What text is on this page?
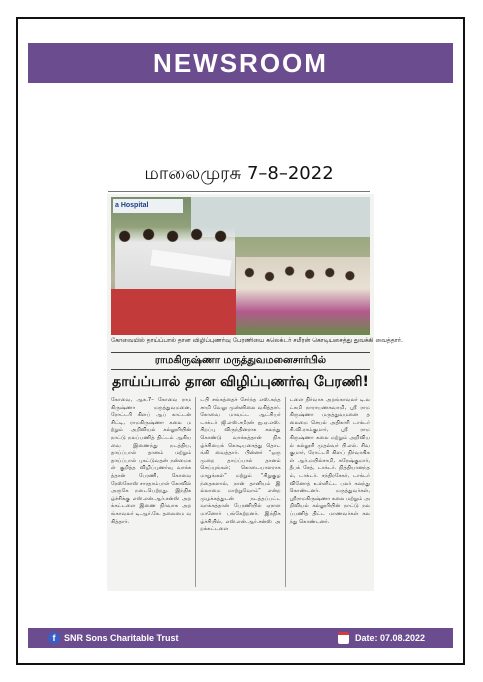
NEWSROOM
மாலைமுரசு 7–8–2022
a Hospital
கோவையில் தாய்ப்பால் தான விழிப்புணர்வு பேரணியை கலெக்டர் சமீரன் கொடியசைத்து துவக்கி வைத்தார்.
ராமகிருஷ்ணா மருத்துவமனைசார்பில்
தாய்ப்பால் தான விழிப்புணர்வு பேரணி!
கோவை, ஆக.7– கோவை ராமகிருஷ்ணா மருத்துவமனை, ரோட்டரி கிளப் ஆப் காட்டன் சிட்டி, ராமகிருஷ்ணா கலை மற்றும் அறிவியல் கல்லூரியின் நாட்டு நலப்பணித் திட்டம் ஆகியவை இணைந்து நடத்திய, தாய்ப்பால் தானம் மற்றும் தாய்ப்பால் புகட்டுவதன் நன்மைகள் குறித்த விழிப்புணர்வு வாக்கத்தான் பேரணி, கோவை ரேஸ்கோஸ் சாரதாம்பாள் கோவில் அருகே நடைபெற்றது. இந்நிகழ்ச்சிக்கு எஸ்.என்.ஆர்.சன்ஸ் அறக்கட்டளை இணை நிர்வாக அறங்காவலர் டி.ஆர்.கே. தலைமை வகித்தார்.
டபி சங்கத்தைச் சேர்ந்த எஸ்.கந்தசாமி வேலு முன்னிலை வகித்தார். கோவை மாவட்ட ஆட்சியர் டாக்டர் ஜி.எஸ்.சமீரன் ஐ.ஏ.எஸ். சிறப்பு விருந்தினராக கலந்து கொண்டு வாக்கத்தான் நிகழ்ச்சியைக் கொடியசைத்து தொடங்கி வைத்தார். பின்னர் “ஒரு முறை தாய்ப்பால் தானம் செய்யுங்கள்; கொடையாளராக மாறுங்கள்” மற்றும் “சிறுகுழந்தைகளால், நான் தானியம் இல்லாமை மாற்றுவோம்” என்ற முழக்கத்துடன் நடத்தப்பட்ட வாக்கத்தான் பேரணியில் ஏராளமானோர் பங்கேற்றனர். இந்நிகழ்ச்சியில், எஸ்.என்.ஆர்.சன்ஸ் அறக்கட்டளை
டளை நிர்வாக அறங்காவலர் டி.லட்சுமி நாராயணசுவாமி, ஸ்ரீ ராமகிருஷ்ணா மருத்துவமனை தலைமை செயல் அதிகாரி டாக்டர் சி.வி.ராம்குமார், ஸ்ரீ ராமகிருஷ்ணா கலை மற்றும் அறிவியல் கல்லூரி முதல்வர் பி.எல். சிவகுமார், ரோட்டரி கிளப் நிர்வாகிகள் ஆர்.மயில்சாமி, சுரேஷ்குமார், தீபக் சேத், டாக்டர். நித்தியானந்தம், டாக்டர். சந்திரசேகர், டாக்டர் வினோத் உள்ளிட்ட பலர் கலந்து கொண்டனர். மருத்துவர்கள், ஸ்ரீராமகிருஷ்ணா கலை மற்றும் அறிவியல் கல்லூரியின் நாட்டு நலப்பணித் திட்ட மாணவர்கள் கலந்து கொண்டனர்.
f SNR Sons Charitable Trust	Date: 07.08.2022
